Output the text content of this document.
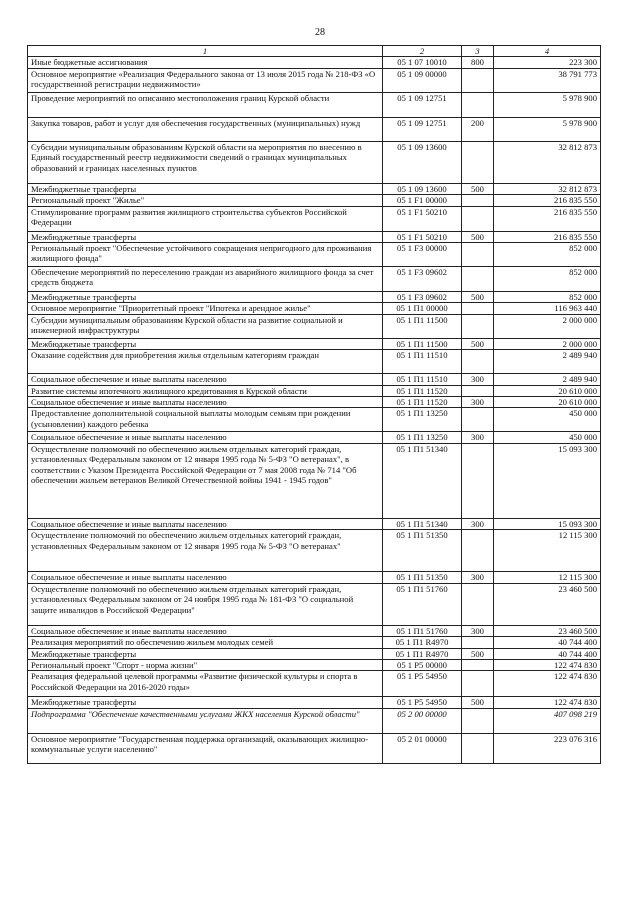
28
1	2	3	4
Иные бюджетные ассигнования	05 1 07 10010	800	223 300
Основное мероприятие «Реализация Федерального закона от 13 июля 2015 года № 218-ФЗ «О государственной регистрации недвижимости»	05 1 09 00000		38 791 773
Проведение мероприятий по описанию местоположения границ Курской области	05 1 09 12751		5 978 900
Закупка товаров, работ и услуг для обеспечения государственных (муниципальных) нужд	05 1 09 12751	200	5 978 900
Субсидии муниципальным образованиям Курской области на мероприятия по внесению в Единый государственный реестр недвижимости сведений о границах муниципальных образований и границах населенных пунктов	05 1 09 13600		32 812 873
Межбюджетные трансферты	05 1 09 13600	500	32 812 873
Региональный проект "Жилье"	05 1 F1 00000		216 835 550
Стимулирование программ развития жилищного строительства субъектов Российской Федерации	05 1 F1 50210		216 835 550
Межбюджетные трансферты	05 1 F1 50210	500	216 835 550
Региональный проект "Обеспечение устойчивого сокращения непригодного для проживания жилищного фонда"	05 1 F3 00000		852 000
Обеспечение мероприятий по переселению граждан из аварийного жилищного фонда за счет средств бюджета	05 1 F3 09602		852 000
Межбюджетные трансферты	05 1 F3 09602	500	852 000
Основное мероприятие "Приоритетный проект "Ипотека и арендное жилье"	05 1 П1 00000		116 963 440
Субсидии муниципальным образованиям Курской области на развитие социальной и инженерной инфраструктуры	05 1 П1 11500		2 000 000
Межбюджетные трансферты	05 1 П1 11500	500	2 000 000
Оказание содействия для приобретения жилья отдельным категориям граждан	05 1 П1 11510		2 489 940
Социальное обеспечение и иные выплаты населению	05 1 П1 11510	300	2 489 940
Развитие системы ипотечного жилищного кредитования в Курской области	05 1 П1 11520		20 610 000
Социальное обеспечение и иные выплаты населению	05 1 П1 11520	300	20 610 000
Предоставление дополнительной социальной выплаты молодым семьям при рождении (усыновлении) каждого ребенка	05 1 П1 13250		450 000
Социальное обеспечение и иные выплаты населению	05 1 П1 13250	300	450 000
Осуществление полномочий по обеспечению жильем отдельных категорий граждан, установленных Федеральным законом от 12 января 1995 года № 5-ФЗ "О ветеранах", в соответствии с Указом Президента Российской Федерации от 7 мая 2008 года № 714 "Об обеспечении жильем ветеранов Великой Отечественной войны 1941 - 1945 годов"	05 1 П1 51340		15 093 300
Социальное обеспечение и иные выплаты населению	05 1 П1 51340	300	15 093 300
Осуществление полномочий по обеспечению жильем отдельных категорий граждан, установленных Федеральным законом от 12 января 1995 года № 5-ФЗ "О ветеранах"	05 1 П1 51350		12 115 300
Социальное обеспечение и иные выплаты населению	05 1 П1 51350	300	12 115 300
Осуществление полномочий по обеспечению жильем отдельных категорий граждан, установленных Федеральным законом от 24 ноября 1995 года № 181-ФЗ "О социальной защите инвалидов в Российской Федерации"	05 1 П1 51760		23 460 500
Социальное обеспечение и иные выплаты населению	05 1 П1 51760	300	23 460 500
Реализация мероприятий по обеспечению жильем молодых семей	05 1 П1 R4970		40 744 400
Межбюджетные трансферты	05 1 П1 R4970	500	40 744 400
Региональный проект "Спорт - норма жизни"	05 1 P5 00000		122 474 830
Реализация федеральной целевой программы «Развитие физической культуры и спорта в Российской Федерации на 2016-2020 годы»	05 1 P5 54950		122 474 830
Межбюджетные трансферты	05 1 P5 54950	500	122 474 830
Подпрограмма "Обеспечение качественными услугами ЖКХ населения Курской области"	05 2 00 00000		407 098 219
Основное мероприятие "Государственная поддержка организаций, оказывающих жилищно-коммунальные услуги населению"	05 2 01 00000		223 076 316
